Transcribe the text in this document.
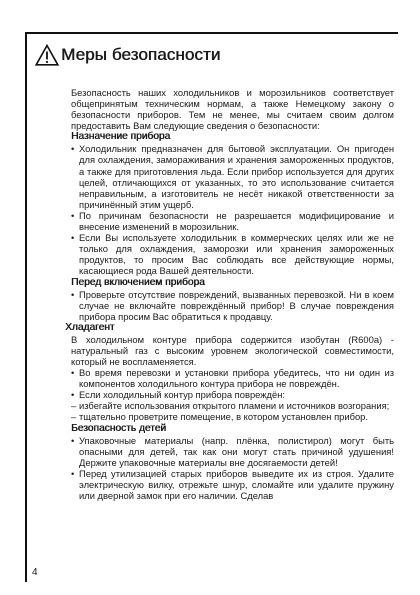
Меры безопасности

Безопасность наших холодильников и морозильников соответствует общепринятым техническим нормам, а также Немецкому закону о безопасности приборов. Тем не менее, мы считаем своим долгом предоставить Вам следующие сведения о безопасности:

Назначение прибора
• Холодильник предназначен для бытовой эксплуатации. Он пригоден для охлаждения, замораживания и хранения замороженных продуктов, а также для приготовления льда. Если прибор используется для других целей, отличающихся от указанных, то это использование считается неправильным, а изготовитель не несёт никакой ответственности за причинённый этим ущерб.
• По причинам безопасности не разрешается модифицирование и внесение изменений в морозильник.
• Если Вы используете холодильник в коммерческих целях или же не только для охлаждения, заморозки или хранения замороженных продуктов, то просим Вас соблюдать все действующие нормы, касающиеся рода Вашей деятельности.
Перед включением прибора
• Проверьте отсутствие повреждений, вызванных перевозкой. Ни в коем случае не включайте повреждённый прибор! В случае повреждения прибора просим Вас обратиться к продавцу.
Хладагент

В холодильном контуре прибора содержится изобутан (R600a) - натуральный газ с высоким уровнем экологической совместимости, который не воспламеняется.

• Во время перевозки и установки прибора убедитесь, что ни один из компонентов холодильного контура прибора не повреждён.
• Если холодильный контур прибора повреждён:
– избегайте использования открытого пламени и источников возгорания;
– тщательно проветрите помещение, в котором установлен прибор.
Безопасность детей
• Упаковочные материалы (напр. плёнка, полистирол) могут быть опасными для детей, так как они могут стать причиной удушения! Держите упаковочные материалы вне досягаемости детей!
• Перед утилизацией старых приборов выведите их из строя. Удалите электрическую вилку, отрежьте шнур, сломайте или удалите пружину или дверной замок при его наличии. Сделав
4
